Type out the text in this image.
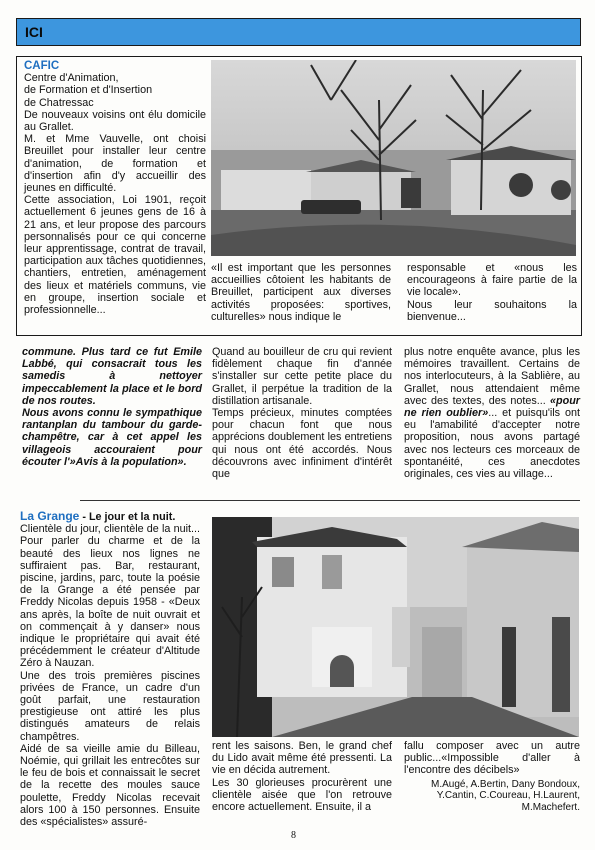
ICI

CAFIC

Centre d'Animation,

de Formation et d'Insertion

de Chatressac

De nouveaux voisins ont élu domicile au Grallet.

M. et Mme Vauvelle, ont choisi Breuillet pour installer leur centre d'animation, de formation et d'insertion afin d'y accueillir des jeunes en difficulté.

Cette association, Loi 1901, reçoit actuellement 6 jeunes gens de 16 à 21 ans, et leur propose des parcours personnalisés pour ce qui concerne leur apprentissage, contrat de travail, participation aux tâches quotidiennes, chantiers, entretien, aménagement des lieux et matériels communs, vie en groupe, insertion sociale et professionnelle...

«Il est important que les personnes accueillies côtoient les habitants de Breuillet, participent aux diverses activités proposées: sportives, culturelles» nous indique le

responsable et «nous les encourageons à faire partie de la vie locale».

Nous leur souhaitons la bienvenue...

commune. Plus tard ce fut Emile Labbé, qui consacrait tous les samedis à nettoyer impeccablement la place et le bord de nos routes.

Nous avons connu le sympathique rantanplan du tambour du garde-champêtre, car à cet appel les villageois accouraient pour écouter l'»Avis à la population».

Quand au bouilleur de cru qui revient fidèlement chaque fin d'année s'installer sur cette petite place du Grallet, il perpétue la tradition de la distillation artisanale.

Temps précieux, minutes comptées pour chacun font que nous apprécions doublement les entretiens qui nous ont été accordés. Nous découvrons avec infiniment d'intérêt que

plus notre enquête avance, plus les mémoires travaillent. Certains de nos interlocuteurs, à la Sablière, au Grallet, nous attendaient même avec des textes, des notes... «pour ne rien oublier»... et puisqu'ils ont eu l'amabilité d'accepter notre proposition, nous avons partagé avec nos lecteurs ces morceaux de spontanéité, ces anecdotes originales, ces vies au village...

La Grange - Le jour et la nuit.

Clientèle du jour, clientèle de la nuit... Pour parler du charme et de la beauté des lieux nos lignes ne suffiraient pas. Bar, restaurant, piscine, jardins, parc, toute la poésie de la Grange a été pensée par Freddy Nicolas depuis 1958 - «Deux ans après, la boîte de nuit ouvrait et on commençait à y danser» nous indique le propriétaire qui avait été précédemment le créateur d'Altitude Zéro à Nauzan.

Une des trois premières piscines privées de France, un cadre d'un goût parfait, une restauration prestigieuse ont attiré les plus distingués amateurs de relais champêtres.

Aidé de sa vieille amie du Billeau, Noémie, qui grillait les entrecôtes sur le feu de bois et connaissait le secret de la recette des moules sauce poulette, Freddy Nicolas recevait alors 100 à 150 personnes. Ensuite des «spécialistes» assuré-

rent les saisons. Ben, le grand chef du Lido avait même été pressenti. La vie en décida autrement.

Les 30 glorieuses procurèrent une clientèle aisée que l'on retrouve encore actuellement. Ensuite, il a

fallu composer avec un autre public...«Impossible d'aller à l'encontre des décibels»

M.Augé, A.Bertin, Dany Bondoux,
Y.Cantin, C.Coureau, H.Laurent,
M.Machefert.
8
